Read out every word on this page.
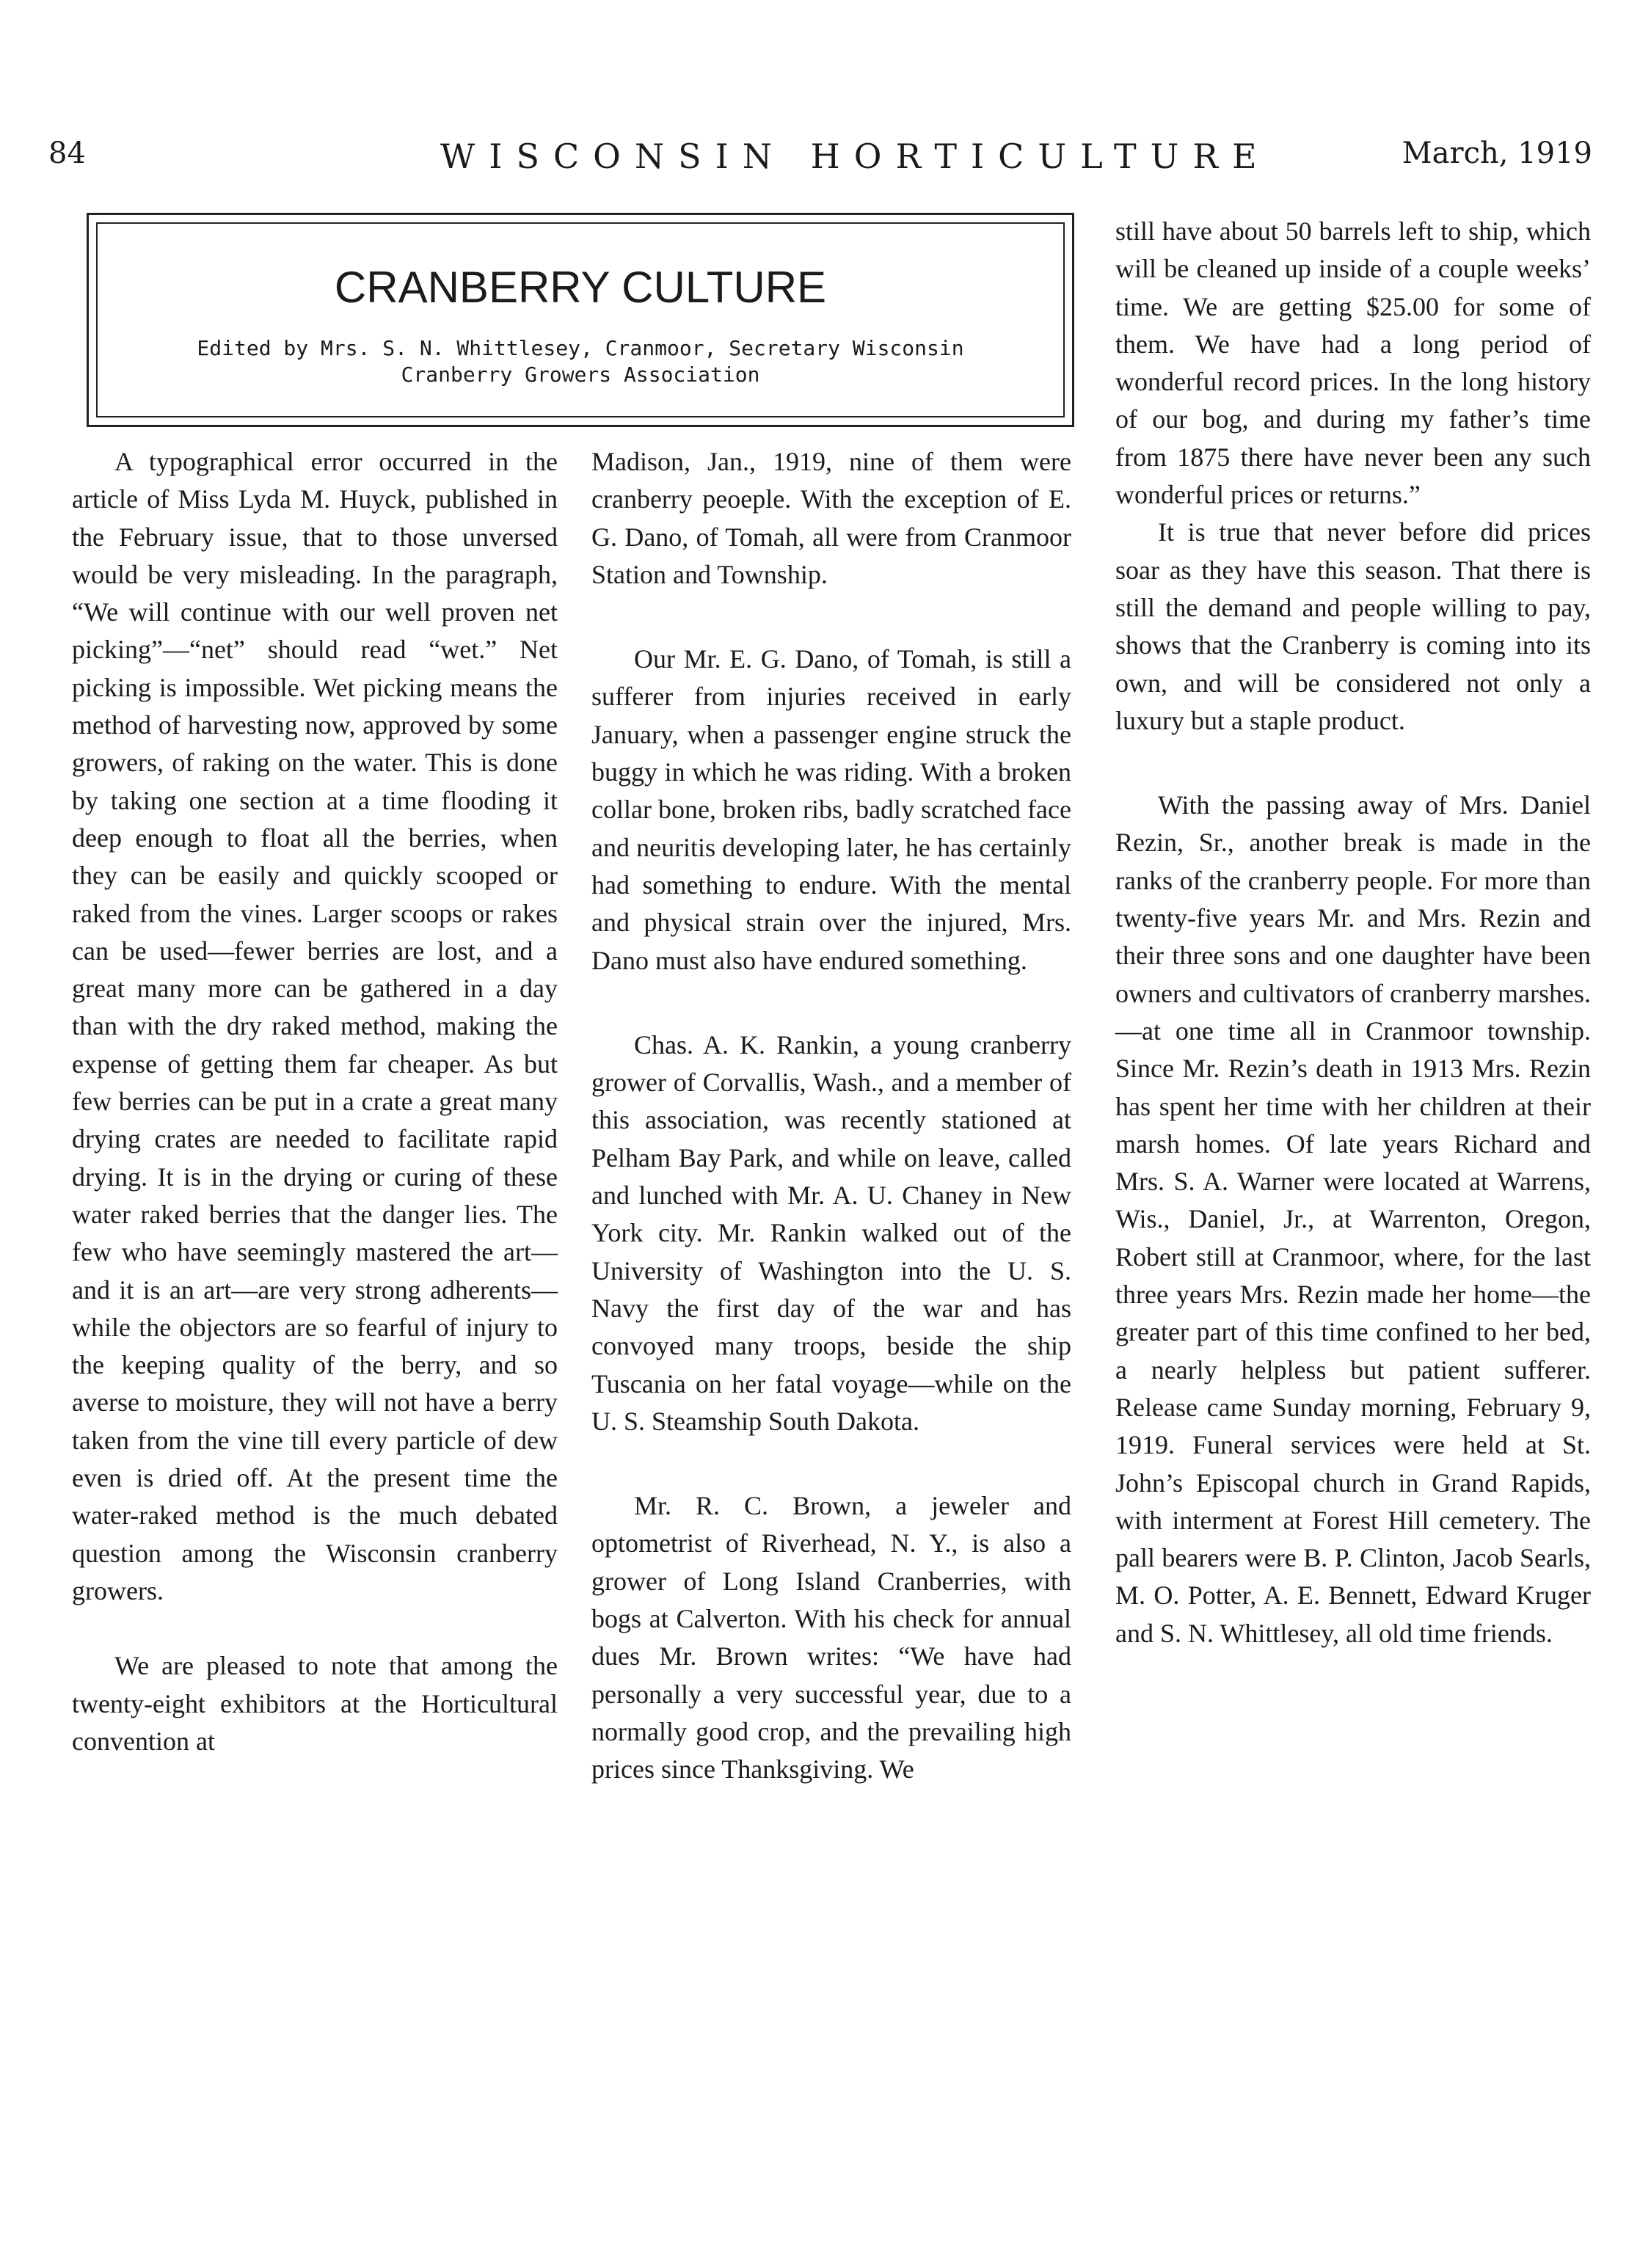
84	WISCONSIN HORTICULTURE	March, 1919
CRANBERRY CULTURE
Edited by Mrs. S. N. Whittlesey, Cranmoor, Secretary Wisconsin
Cranberry Growers Association

A typographical error occurred in the article of Miss Lyda M. Huyck, published in the February issue, that to those unversed would be very misleading. In the paragraph, “We will continue with our well proven net picking”—“net” should read “wet.” Net picking is impossible. Wet picking means the method of harvesting now, approved by some growers, of raking on the water. This is done by taking one section at a time flooding it deep enough to float all the berries, when they can be easily and quickly scooped or raked from the vines. Larger scoops or rakes can be used—fewer berries are lost, and a great many more can be gathered in a day than with the dry raked method, making the expense of getting them far cheaper. As but few berries can be put in a crate a great many drying crates are needed to facilitate rapid drying. It is in the drying or curing of these water raked berries that the danger lies. The few who have seemingly mastered the art—and it is an art—are very strong adherents—while the objectors are so fearful of injury to the keeping quality of the berry, and so averse to moisture, they will not have a berry taken from the vine till every particle of dew even is dried off. At the present time the water-raked method is the much debated question among the Wisconsin cranberry growers.

We are pleased to note that among the twenty-eight exhibitors at the Horticultural convention at

Madison, Jan., 1919, nine of them were cranberry peoeple. With the exception of E. G. Dano, of Tomah, all were from Cranmoor Station and Township.

Our Mr. E. G. Dano, of Tomah, is still a sufferer from injuries received in early January, when a passenger engine struck the buggy in which he was riding. With a broken collar bone, broken ribs, badly scratched face and neuritis developing later, he has certainly had something to endure. With the mental and physical strain over the injured, Mrs. Dano must also have endured something.

Chas. A. K. Rankin, a young cranberry grower of Corvallis, Wash., and a member of this association, was recently stationed at Pelham Bay Park, and while on leave, called and lunched with Mr. A. U. Chaney in New York city. Mr. Rankin walked out of the University of Washington into the U. S. Navy the first day of the war and has convoyed many troops, beside the ship Tuscania on her fatal voyage—while on the U. S. Steamship South Dakota.

Mr. R. C. Brown, a jeweler and optometrist of Riverhead, N. Y., is also a grower of Long Island Cranberries, with bogs at Calverton. With his check for annual dues Mr. Brown writes: “We have had personally a very successful year, due to a normally good crop, and the prevailing high prices since Thanksgiving. We

still have about 50 barrels left to ship, which will be cleaned up inside of a couple weeks’ time. We are getting $25.00 for some of them. We have had a long period of wonderful record prices. In the long history of our bog, and during my father’s time from 1875 there have never been any such wonderful prices or returns.”

It is true that never before did prices soar as they have this season. That there is still the demand and people willing to pay, shows that the Cranberry is coming into its own, and will be considered not only a luxury but a staple product.

With the passing away of Mrs. Daniel Rezin, Sr., another break is made in the ranks of the cranberry people. For more than twenty-five years Mr. and Mrs. Rezin and their three sons and one daughter have been owners and cultivators of cranberry marshes. —at one time all in Cranmoor township. Since Mr. Rezin’s death in 1913 Mrs. Rezin has spent her time with her children at their marsh homes. Of late years Richard and Mrs. S. A. Warner were located at Warrens, Wis., Daniel, Jr., at Warrenton, Oregon, Robert still at Cranmoor, where, for the last three years Mrs. Rezin made her home—the greater part of this time confined to her bed, a nearly helpless but patient sufferer. Release came Sunday morning, February 9, 1919. Funeral services were held at St. John’s Episcopal church in Grand Rapids, with interment at Forest Hill cemetery. The pall bearers were B. P. Clinton, Jacob Searls, M. O. Potter, A. E. Bennett, Edward Kruger and S. N. Whittlesey, all old time friends.
